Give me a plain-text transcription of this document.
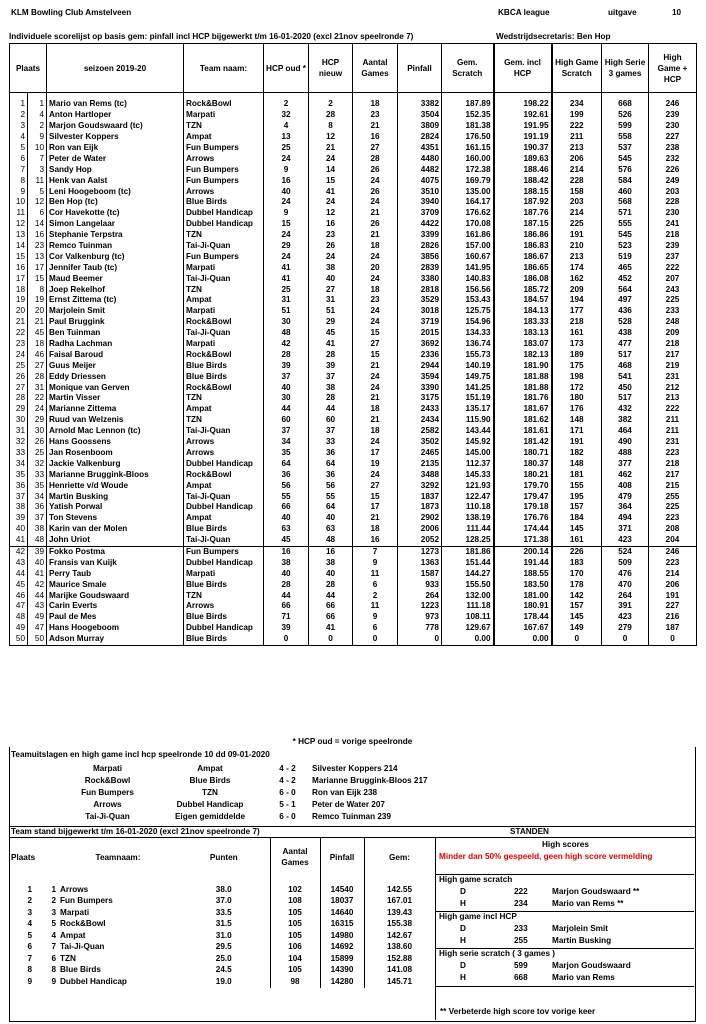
KLM Bowling Club Amstelveen	KBCA league	uitgave	10
Individuele scorelijst op basis gem: pinfall incl HCP bijgewerkt t/m 16-01-2020 (excl 21nov speelronde 7)	Wedstrijdsecretaris: Ben Hop
Plaats		seizoen 2019-20	Team naam:	HCP oud *	HCP nieuw	Aantal Games	Pinfall	Gem. Scratch	Gem. incl HCP	High Game Scratch	High Serie 3 games	High Game + HCP

1	1	Mario van Rems (tc)	Rock&Bowl	2	2	18	3382	187.89	198.22	234	668	246
2	4	Anton Hartloper	Marpati	32	28	23	3504	152.35	192.61	199	526	239
3	2	Marjon Goudswaard (tc)	TZN	4	8	21	3809	181.38	191.95	222	599	230
4	9	Silvester Koppers	Ampat	13	12	16	2824	176.50	191.19	211	558	227
5	10	Ron van Eijk	Fun Bumpers	25	21	27	4351	161.15	190.37	213	537	238
6	7	Peter de Water	Arrows	24	24	28	4480	160.00	189.63	206	545	232
7	3	Sandy Hop	Fun Bumpers	9	14	26	4482	172.38	188.46	214	576	226
8	11	Henk van Aalst	Fun Bumpers	16	15	24	4075	169.79	188.42	228	584	249
9	5	Leni Hoogeboom (tc)	Arrows	40	41	26	3510	135.00	188.15	158	460	203
10	12	Ben Hop (tc)	Blue Birds	24	24	24	3940	164.17	187.92	203	568	228
11	6	Cor Havekotte (tc)	Dubbel Handicap	9	12	21	3709	176.62	187.76	214	571	230
12	14	Simon Langelaar	Dubbel Handicap	15	16	26	4422	170.08	187.15	225	555	241
13	16	Stephanie Terpstra	TZN	24	23	21	3399	161.86	186.86	191	545	218
14	23	Remco Tuinman	Tai-Ji-Quan	29	26	18	2826	157.00	186.83	210	523	239
15	13	Cor Valkenburg (tc)	Fun Bumpers	24	24	24	3856	160.67	186.67	213	519	237
16	17	Jennifer Taub (tc)	Marpati	41	38	20	2839	141.95	186.65	174	465	222
17	15	Maud Beemer	Tai-Ji-Quan	41	40	24	3380	140.83	186.08	162	452	207
18	8	Joep Rekelhof	TZN	25	27	18	2818	156.56	185.72	209	564	243
19	19	Ernst Zittema (tc)	Ampat	31	31	23	3529	153.43	184.57	194	497	225
20	20	Marjolein Smit	Marpati	51	51	24	3018	125.75	184.13	177	436	233
21	21	Paul Bruggink	Rock&Bowl	30	29	24	3719	154.96	183.33	218	528	248
22	45	Ben Tuinman	Tai-Ji-Quan	48	45	15	2015	134.33	183.13	161	438	209
23	18	Radha Lachman	Marpati	42	41	27	3692	136.74	183.07	173	477	218
24	46	Faisal Baroud	Rock&Bowl	28	28	15	2336	155.73	182.13	189	517	217
25	27	Guus Meijer	Blue Birds	39	39	21	2944	140.19	181.90	175	468	219
26	28	Eddy Driessen	Blue Birds	37	37	24	3594	149.75	181.88	198	541	231
27	31	Monique van Gerven	Rock&Bowl	40	38	24	3390	141.25	181.88	172	450	212
28	22	Martin Visser	TZN	30	28	21	3175	151.19	181.76	180	517	213
29	24	Marianne Zittema	Ampat	44	44	18	2433	135.17	181.67	176	432	222
30	29	Ruud van Welzenis	TZN	60	60	21	2434	115.90	181.62	148	382	211
31	30	Arnold Mac Lennon (tc)	Tai-Ji-Quan	37	37	18	2582	143.44	181.61	171	464	211
32	26	Hans Goossens	Arrows	34	33	24	3502	145.92	181.42	191	490	231
33	25	Jan Rosenboom	Arrows	35	36	17	2465	145.00	180.71	182	488	223
34	32	Jackie Valkenburg	Dubbel Handicap	64	64	19	2135	112.37	180.37	148	377	218
35	33	Marianne Bruggink-Bloos	Rock&Bowl	36	36	24	3488	145.33	180.21	181	462	217
36	35	Henriette v/d Woude	Ampat	56	56	27	3292	121.93	179.70	155	408	215
37	34	Martin Busking	Tai-Ji-Quan	55	55	15	1837	122.47	179.47	195	479	255
38	36	Yatish Porwal	Dubbel Handicap	66	64	17	1873	110.18	179.18	157	364	225
39	37	Ton Stevens	Ampat	40	40	21	2902	138.19	176.76	184	494	223
40	38	Karin van der Molen	Blue Birds	63	63	18	2006	111.44	174.44	145	371	208
41	48	John Uriot	Tai-Ji-Quan	45	48	16	2052	128.25	171.38	161	423	204
42	39	Fokko Postma	Fun Bumpers	16	16	7	1273	181.86	200.14	226	524	246
43	40	Fransis van Kuijk	Dubbel Handicap	38	38	9	1363	151.44	191.44	183	509	223
44	41	Perry Taub	Marpati	40	40	11	1587	144.27	188.55	170	476	214
45	42	Maurice Smale	Blue Birds	28	28	6	933	155.50	183.50	178	470	206
46	44	Marijke Goudswaard	TZN	44	44	2	264	132.00	181.00	142	264	191
47	43	Carin Everts	Arrows	66	66	11	1223	111.18	180.91	157	391	227
48	49	Paul de Mes	Blue Birds	71	66	9	973	108.11	178.44	145	423	216
49	47	Hans Hoogeboom	Dubbel Handicap	39	41	6	778	129.67	167.67	149	279	187
50	50	Adson Murray	Blue Birds	0	0	0	0	0.00	0.00	0	0	0
* HCP oud = vorige speelronde
Teamuitslagen en high game incl hcp speelronde 10 dd 09-01-2020
Marpati	Ampat	4 - 2	Silvester Koppers 214
Rock&Bowl	Blue Birds	4 - 2	Marianne Bruggink-Bloos 217
Fun Bumpers	TZN	6 - 0	Ron van Eijk 238
Arrows	Dubbel Handicap	5 - 1	Peter de Water 207
Tai-Ji-Quan	Eigen gemiddelde	6 - 0	Remco Tuinman 239
Team stand bijgewerkt t/m 16-01-2020 (excl 21nov speelronde 7)	STANDEN
Plaats		Teamnaam:	Punten	Aantal Games	Pinfall	Gem:

1	1	Arrows	38.0	102	14540	142.55
2	2	Fun Bumpers	37.0	108	18037	167.01
3	3	Marpati	33.5	105	14640	139.43
4	5	Rock&Bowl	31.5	105	16315	155.38
5	4	Ampat	31.0	105	14980	142.67
6	7	Tai-Ji-Quan	29.5	106	14692	138.60
7	6	TZN	25.0	104	15899	152.88
8	8	Blue Birds	24.5	105	14390	141.08
9	9	Dubbel Handicap	19.0	98	14280	145.71
High scores
Minder dan 50% gespeeld, geen high score vermelding
High game scratch
D	222	Marjon Goudswaard **
H	234	Mario van Rems **
High game incl HCP
D	233	Marjolein Smit
H	255	Martin Busking
High serie scratch ( 3 games )
D	599	Marjon Goudswaard
H	668	Mario van Rems
** Verbeterde high score tov vorige keer
